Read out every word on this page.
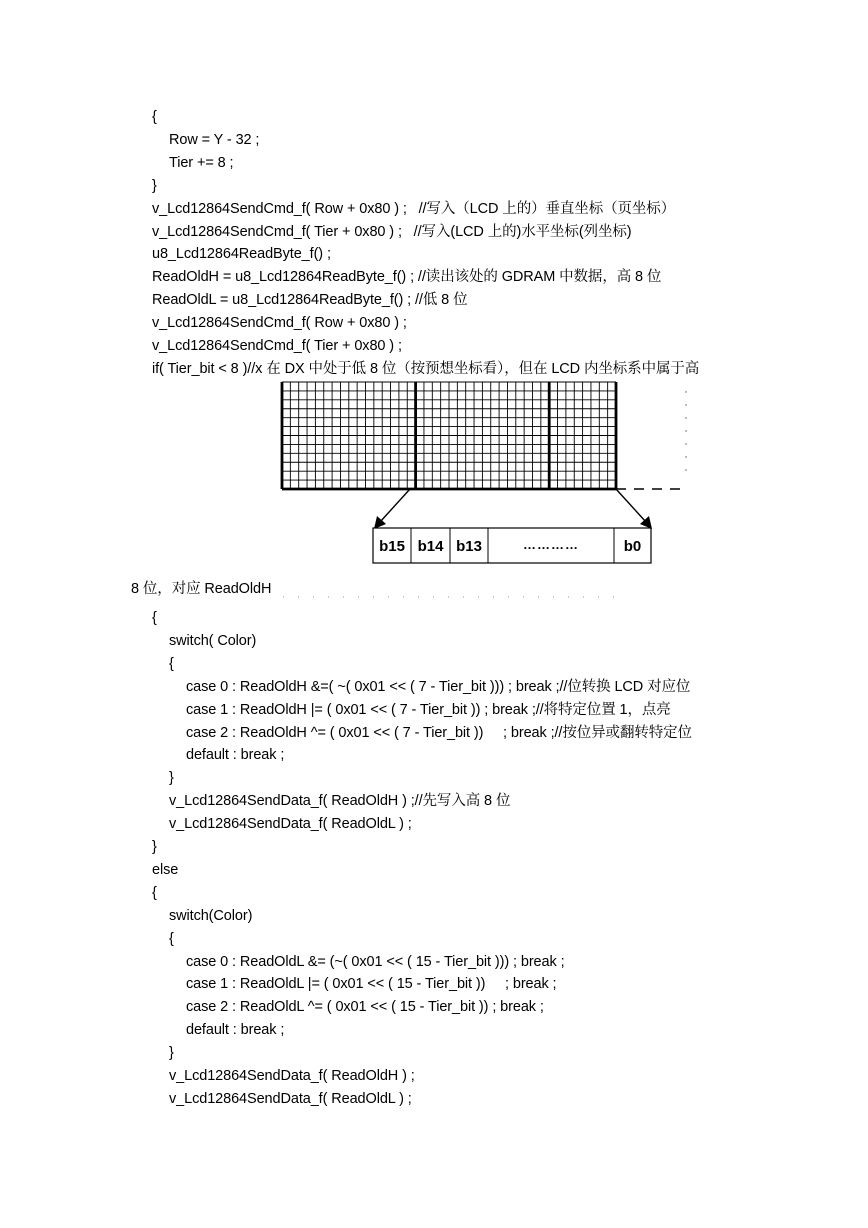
{
Row = Y - 32 ;
Tier += 8 ;
}
v_Lcd12864SendCmd_f( Row + 0x80 ) ;   //写入（LCD 上的）垂直坐标（页坐标）
v_Lcd12864SendCmd_f( Tier + 0x80 ) ;   //写入(LCD 上的)水平坐标(列坐标)
u8_Lcd12864ReadByte_f() ;
ReadOldH = u8_Lcd12864ReadByte_f() ; //读出该处的 GDRAM 中数据，高 8 位
ReadOldL = u8_Lcd12864ReadByte_f() ; //低 8 位
v_Lcd12864SendCmd_f( Row + 0x80 ) ;
v_Lcd12864SendCmd_f( Tier + 0x80 ) ;
if( Tier_bit < 8 )//x 在 DX 中处于低 8 位（按预想坐标看），但在 LCD 内坐标系中属于高
b15 b14 b13	…………	b0
8 位，对应 ReadOldH
{
switch( Color)
{
case 0 : ReadOldH &=( ~( 0x01 << ( 7 - Tier_bit ))) ; break ;//位转换 LCD 对应位
case 1 : ReadOldH |= ( 0x01 << ( 7 - Tier_bit )) ; break ;//将特定位置 1，点亮
case 2 : ReadOldH ^= ( 0x01 << ( 7 - Tier_bit ))     ; break ;//按位异或翻转特定位
default : break ;
}
v_Lcd12864SendData_f( ReadOldH ) ;//先写入高 8 位
v_Lcd12864SendData_f( ReadOldL ) ;
}
else
{
switch(Color)
{
case 0 : ReadOldL &= (~( 0x01 << ( 15 - Tier_bit ))) ; break ;
case 1 : ReadOldL |= ( 0x01 << ( 15 - Tier_bit ))     ; break ;
case 2 : ReadOldL ^= ( 0x01 << ( 15 - Tier_bit )) ; break ;
default : break ;
}
v_Lcd12864SendData_f( ReadOldH ) ;
v_Lcd12864SendData_f( ReadOldL ) ;
